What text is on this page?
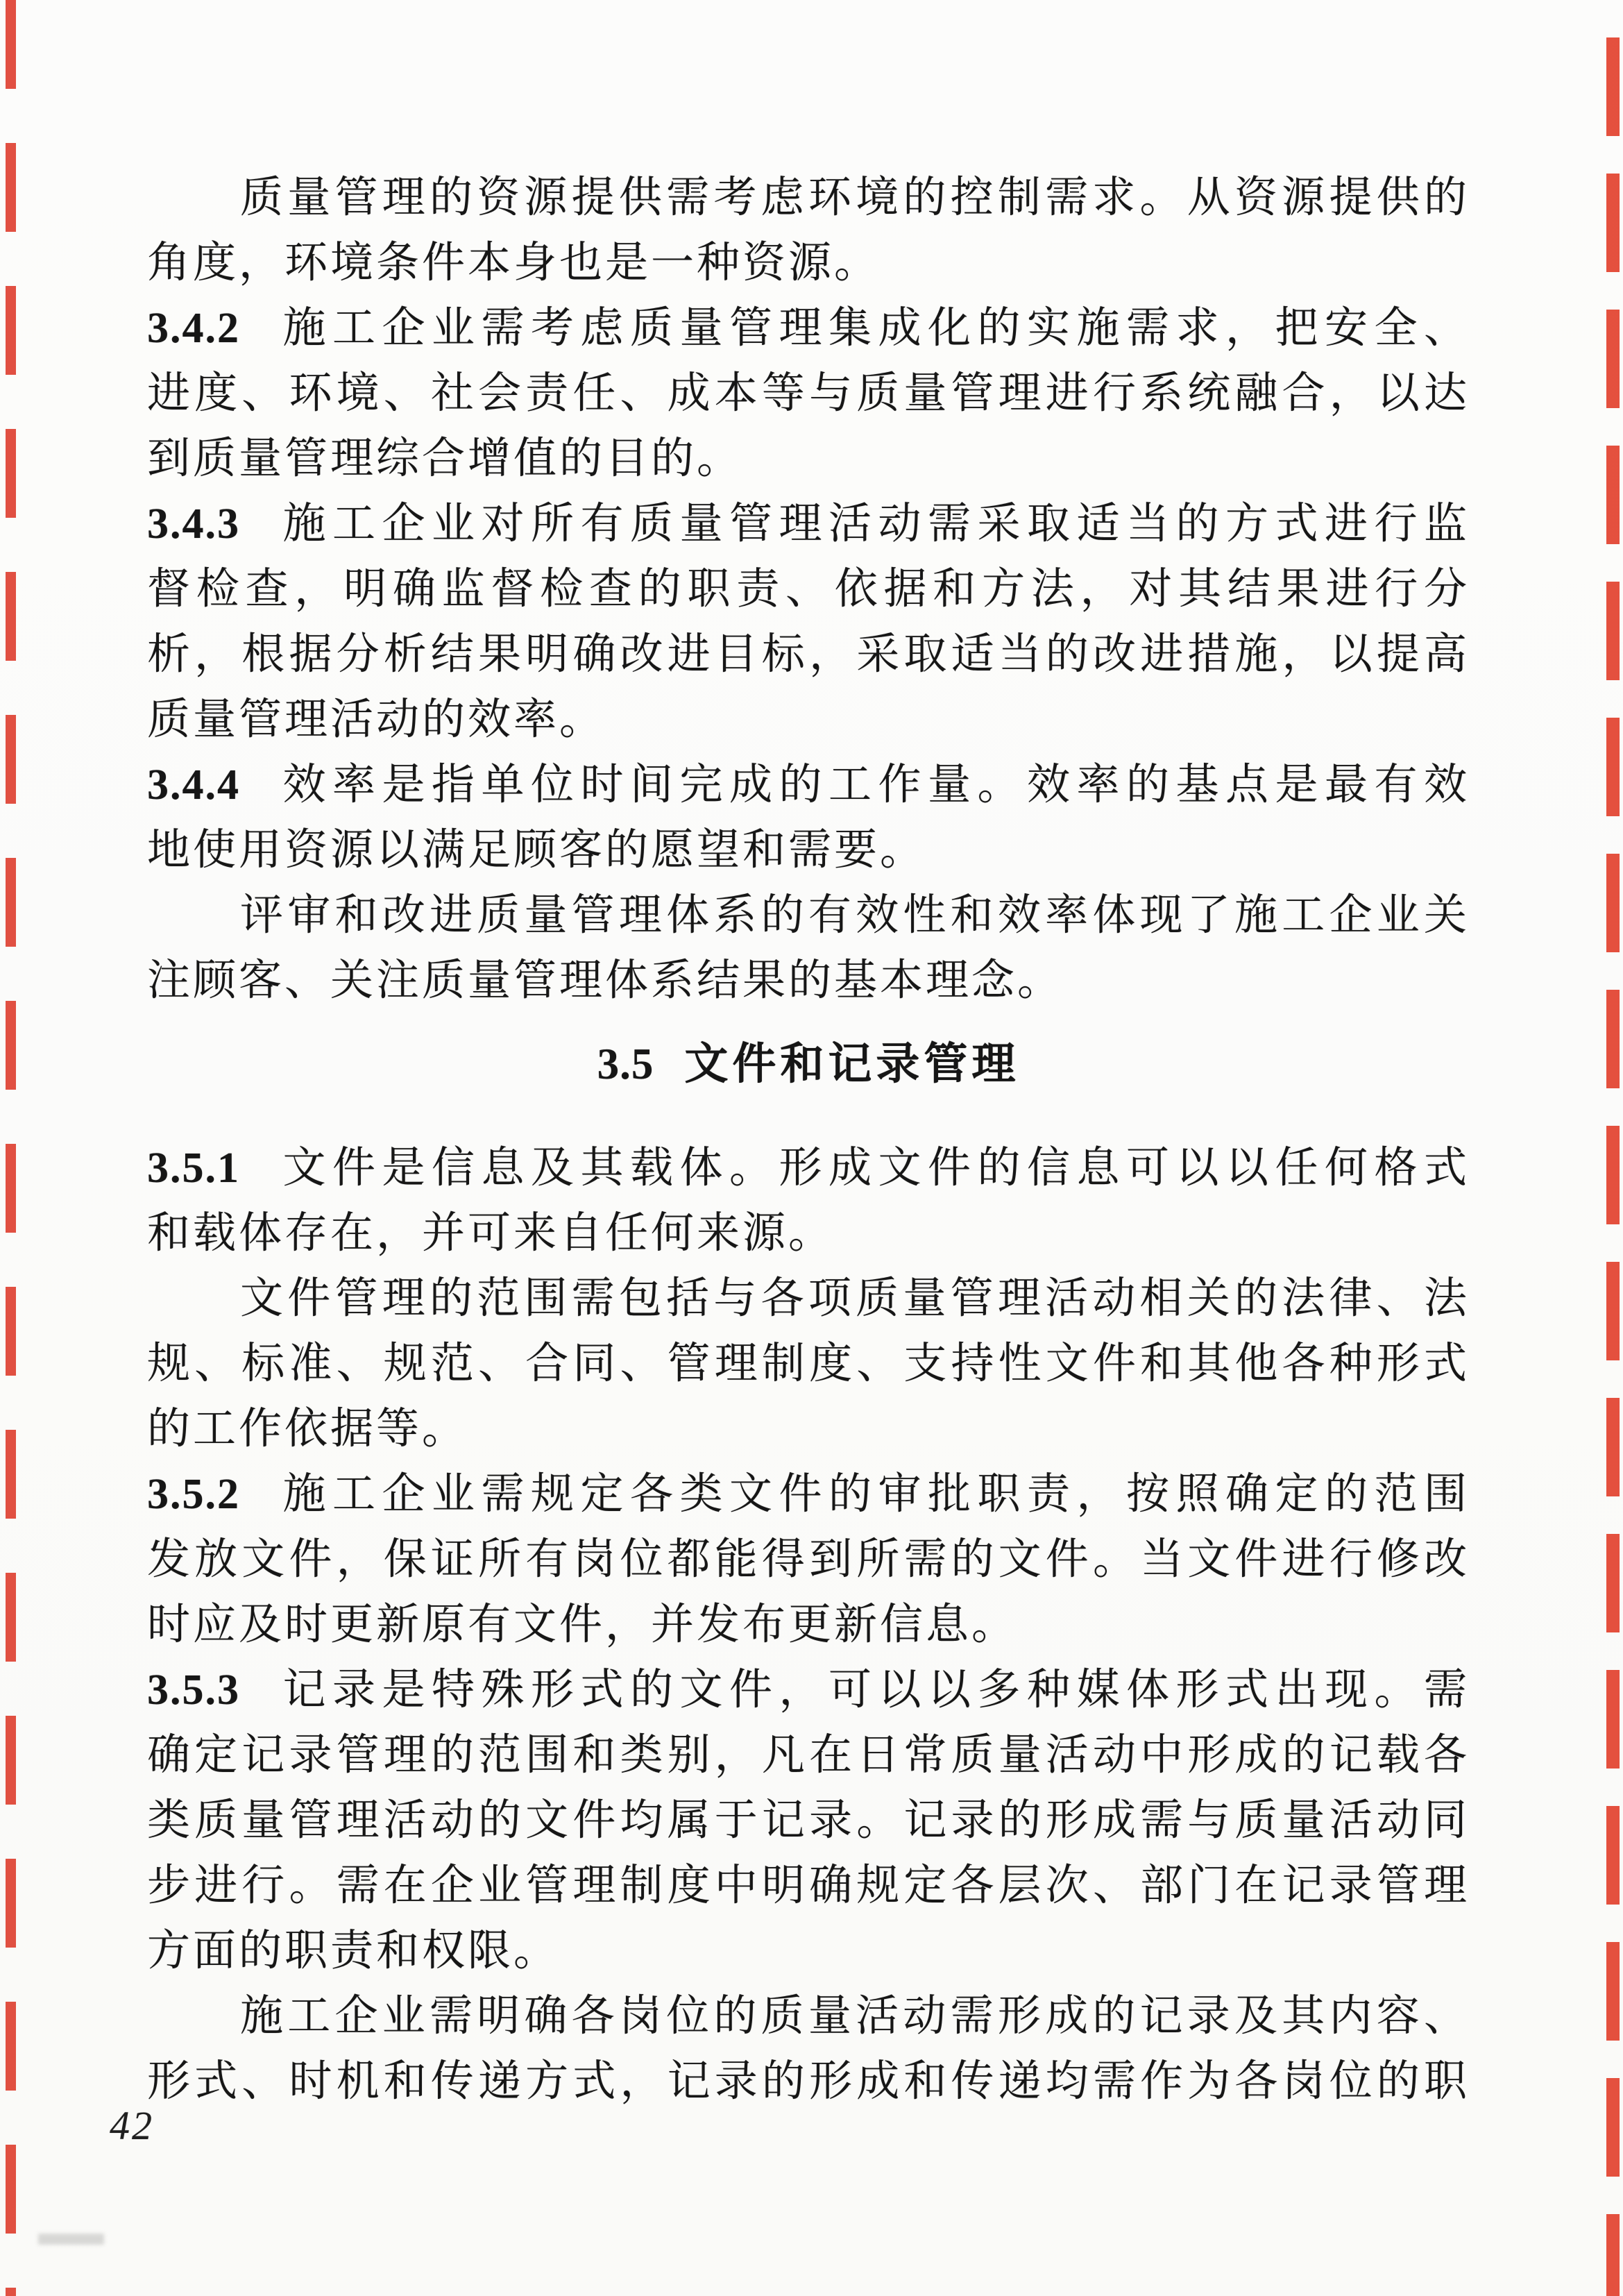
质量管理的资源提供需考虑环境的控制需求。从资源提供的
角度，环境条件本身也是一种资源。
3.4.2 施工企业需考虑质量管理集成化的实施需求，把安全、
进度、环境、社会责任、成本等与质量管理进行系统融合，以达
到质量管理综合增值的目的。
3.4.3 施工企业对所有质量管理活动需采取适当的方式进行监
督检查，明确监督检查的职责、依据和方法，对其结果进行分
析，根据分析结果明确改进目标，采取适当的改进措施，以提高
质量管理活动的效率。
3.4.4 效率是指单位时间完成的工作量。效率的基点是最有效
地使用资源以满足顾客的愿望和需要。
评审和改进质量管理体系的有效性和效率体现了施工企业关
注顾客、关注质量管理体系结果的基本理念。
3.5 文件和记录管理
3.5.1 文件是信息及其载体。形成文件的信息可以以任何格式
和载体存在，并可来自任何来源。
文件管理的范围需包括与各项质量管理活动相关的法律、法
规、标准、规范、合同、管理制度、支持性文件和其他各种形式
的工作依据等。
3.5.2 施工企业需规定各类文件的审批职责，按照确定的范围
发放文件，保证所有岗位都能得到所需的文件。当文件进行修改
时应及时更新原有文件，并发布更新信息。
3.5.3 记录是特殊形式的文件，可以以多种媒体形式出现。需
确定记录管理的范围和类别，凡在日常质量活动中形成的记载各
类质量管理活动的文件均属于记录。记录的形成需与质量活动同
步进行。需在企业管理制度中明确规定各层次、部门在记录管理
方面的职责和权限。
施工企业需明确各岗位的质量活动需形成的记录及其内容、
形式、时机和传递方式，记录的形成和传递均需作为各岗位的职
42
